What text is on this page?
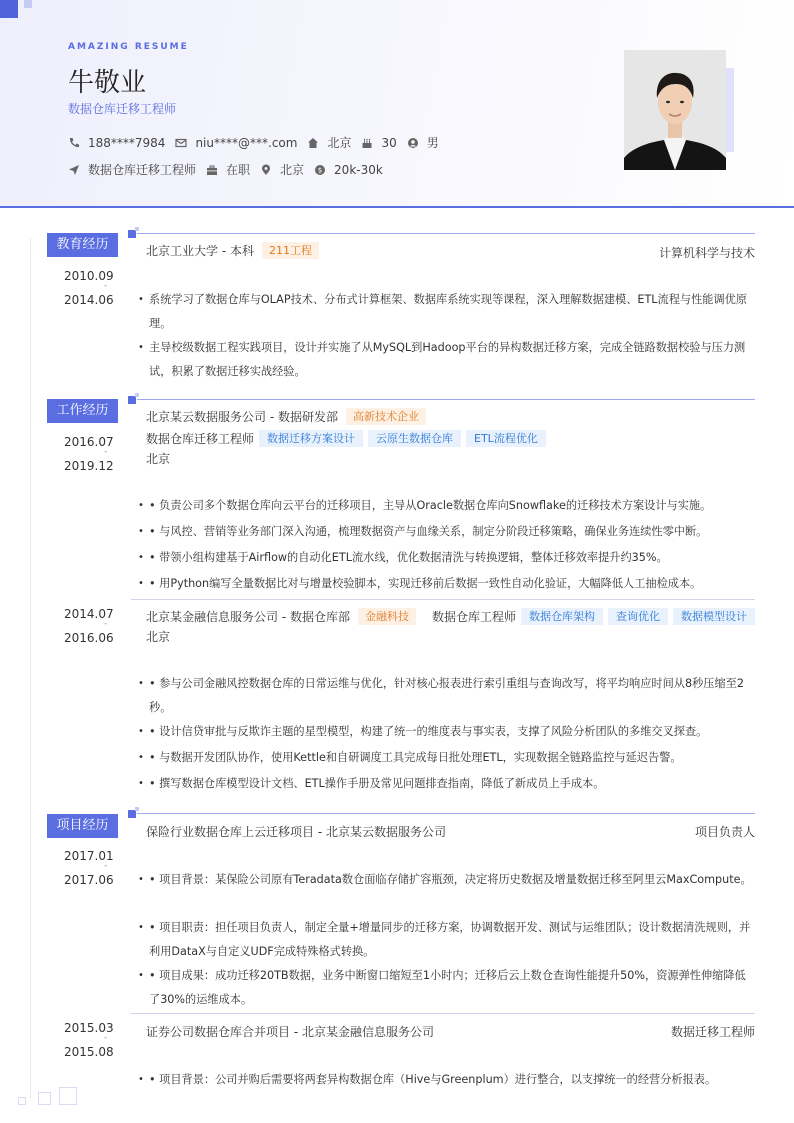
AMAZING RESUME
牛敬业
数据仓库迁移工程师
188****7984	niu****@***.com	北京	30	男
数据仓库迁移工程师	在职	北京 $ 20k-30k
教育经历
2010.09
-
2014.06
北京工业大学 - 本科	211工程	计算机科学与技术
• 系统学习了数据仓库与OLAP技术、分布式计算框架、数据库系统实现等课程，深入理解数据建模、ETL流程与性能调优原理。
• 主导校级数据工程实践项目，设计并实施了从MySQL到Hadoop平台的异构数据迁移方案，完成全链路数据校验与压力测试，积累了数据迁移实战经验。
工作经历
2016.07
-
2019.12
北京某云数据服务公司 - 数据研发部	高新技术企业
数据仓库迁移工程师	数据迁移方案设计	云原生数据仓库	ETL流程优化
北京
• • 负责公司多个数据仓库向云平台的迁移项目，主导从Oracle数据仓库向Snowflake的迁移技术方案设计与实施。
• • 与风控、营销等业务部门深入沟通，梳理数据资产与血缘关系，制定分阶段迁移策略，确保业务连续性零中断。
• • 带领小组构建基于Airflow的自动化ETL流水线，优化数据清洗与转换逻辑，整体迁移效率提升约35%。
• • 用Python编写全量数据比对与增量校验脚本，实现迁移前后数据一致性自动化验证，大幅降低人工抽检成本。
2014.07
-
2016.06
北京某金融信息服务公司 - 数据仓库部	金融科技	数据仓库工程师	数据仓库架构	查询优化	数据模型设计
北京
• • 参与公司金融风控数据仓库的日常运维与优化，针对核心报表进行索引重组与查询改写，将平均响应时间从8秒压缩至2秒。
• • 设计信贷审批与反欺诈主题的星型模型，构建了统一的维度表与事实表，支撑了风险分析团队的多维交叉探查。
• • 与数据开发团队协作，使用Kettle和自研调度工具完成每日批处理ETL，实现数据全链路监控与延迟告警。
• • 撰写数据仓库模型设计文档、ETL操作手册及常见问题排查指南，降低了新成员上手成本。
项目经历
2017.01
-
2017.06
保险行业数据仓库上云迁移项目 - 北京某云数据服务公司	项目负责人
• • 项目背景：某保险公司原有Teradata数仓面临存储扩容瓶颈，决定将历史数据及增量数据迁移至阿里云MaxCompute。
• • 项目职责：担任项目负责人，制定全量+增量同步的迁移方案，协调数据开发、测试与运维团队；设计数据清洗规则，并利用DataX与自定义UDF完成特殊格式转换。
• • 项目成果：成功迁移20TB数据，业务中断窗口缩短至1小时内；迁移后云上数仓查询性能提升50%，资源弹性伸缩降低了30%的运维成本。
2015.03
-
2015.08
证券公司数据仓库合并项目 - 北京某金融信息服务公司	数据迁移工程师
• • 项目背景：公司并购后需要将两套异构数据仓库（Hive与Greenplum）进行整合，以支撑统一的经营分析报表。
